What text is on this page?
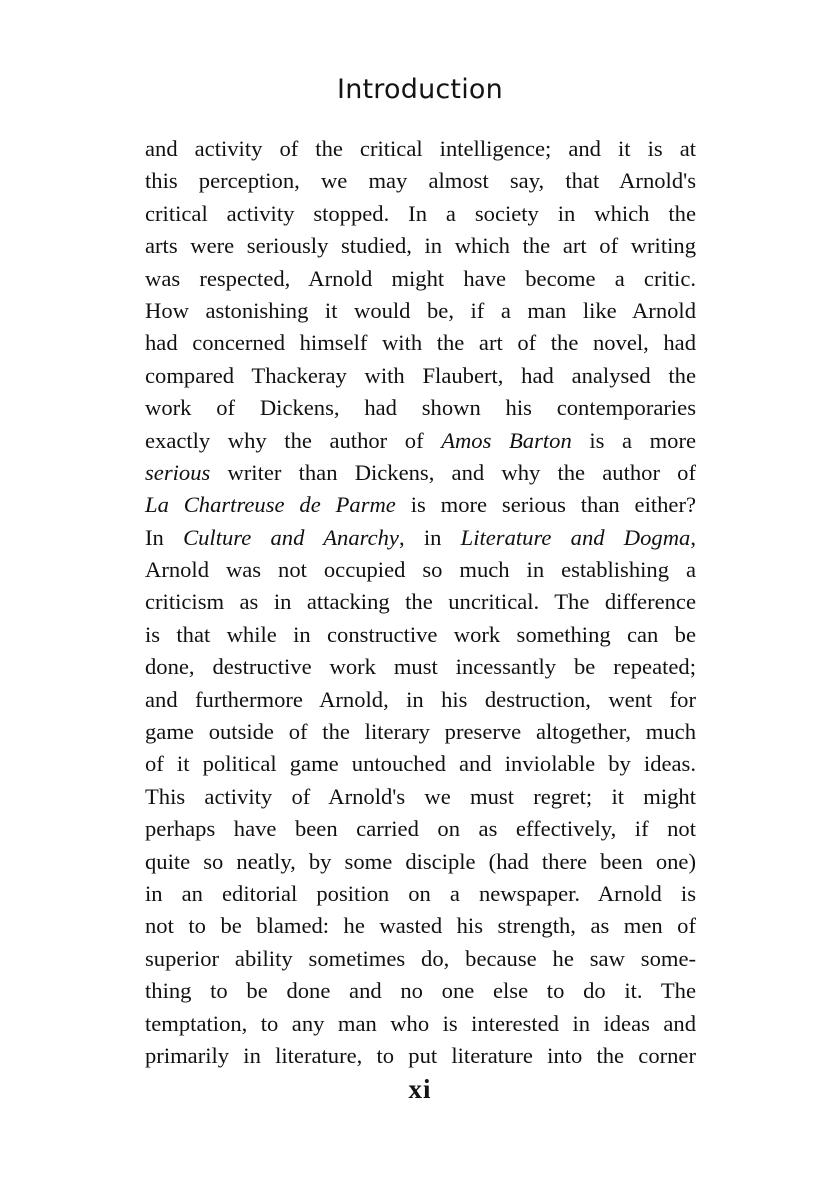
Introduction
and activity of the critical intelligence; and it is at
this perception, we may almost say, that Arnold's
critical activity stopped. In a society in which the
arts were seriously studied, in which the art of writing
was respected, Arnold might have become a critic.
How astonishing it would be, if a man like Arnold
had concerned himself with the art of the novel, had
compared Thackeray with Flaubert, had analysed the
work of Dickens, had shown his contemporaries
exactly why the author of Amos Barton is a more
serious writer than Dickens, and why the author of
La Chartreuse de Parme is more serious than either?
In Culture and Anarchy, in Literature and Dogma,
Arnold was not occupied so much in establishing a
criticism as in attacking the uncritical. The difference
is that while in constructive work something can be
done, destructive work must incessantly be repeated;
and furthermore Arnold, in his destruction, went for
game outside of the literary preserve altogether, much
of it political game untouched and inviolable by ideas.
This activity of Arnold's we must regret; it might
perhaps have been carried on as effectively, if not
quite so neatly, by some disciple (had there been one)
in an editorial position on a newspaper. Arnold is
not to be blamed: he wasted his strength, as men of
superior ability sometimes do, because he saw some-
thing to be done and no one else to do it. The
temptation, to any man who is interested in ideas and
primarily in literature, to put literature into the corner
xi
